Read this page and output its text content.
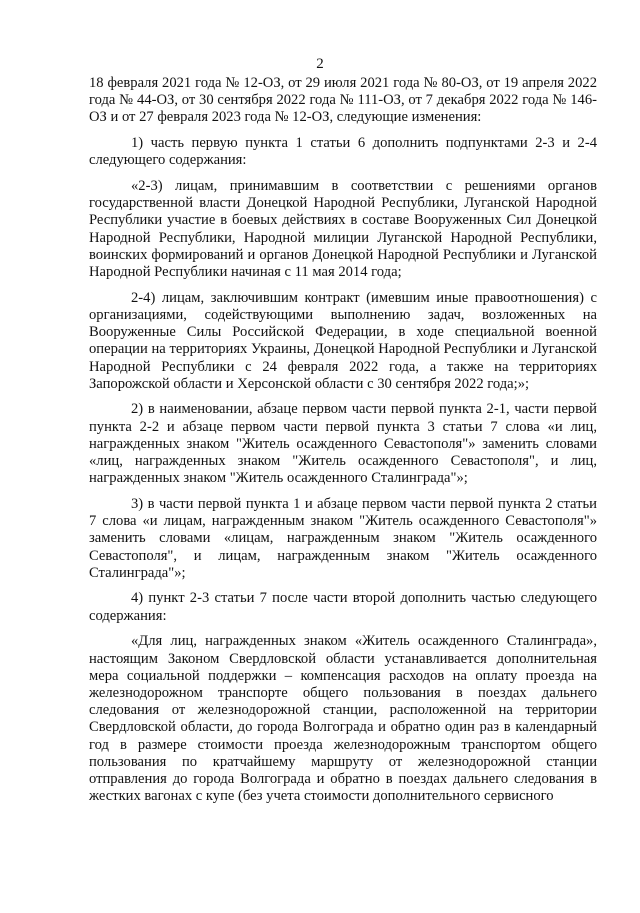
2

18 февраля 2021 года № 12-ОЗ, от 29 июля 2021 года № 80-ОЗ, от 19 апреля 2022 года № 44-ОЗ, от 30 сентября 2022 года № 111-ОЗ, от 7 декабря 2022 года № 146-ОЗ и от 27 февраля 2023 года № 12-ОЗ, следующие изменения:

1) часть первую пункта 1 статьи 6 дополнить подпунктами 2-3 и 2-4 следующего содержания:

«2-3) лицам, принимавшим в соответствии с решениями органов государственной власти Донецкой Народной Республики, Луганской Народной Республики участие в боевых действиях в составе Вооруженных Сил Донецкой Народной Республики, Народной милиции Луганской Народной Республики, воинских формирований и органов Донецкой Народной Республики и Луганской Народной Республики начиная с 11 мая 2014 года;

2-4) лицам, заключившим контракт (имевшим иные правоотношения) с организациями, содействующими выполнению задач, возложенных на Вооруженные Силы Российской Федерации, в ходе специальной военной операции на территориях Украины, Донецкой Народной Республики и Луганской Народной Республики с 24 февраля 2022 года, а также на территориях Запорожской области и Херсонской области с 30 сентября 2022 года;»;

2) в наименовании, абзаце первом части первой пункта 2-1, части первой пункта 2-2 и абзаце первом части первой пункта 3 статьи 7 слова «и лиц, награжденных знаком "Житель осажденного Севастополя"» заменить словами «лиц, награжденных знаком "Житель осажденного Севастополя", и лиц, награжденных знаком "Житель осажденного Сталинграда"»;

3) в части первой пункта 1 и абзаце первом части первой пункта 2 статьи 7 слова «и лицам, награжденным знаком "Житель осажденного Севастополя"» заменить словами «лицам, награжденным знаком "Житель осажденного Севастополя", и лицам, награжденным знаком "Житель осажденного Сталинграда"»;

4) пункт 2-3 статьи 7 после части второй дополнить частью следующего содержания:

«Для лиц, награжденных знаком «Житель осажденного Сталинграда», настоящим Законом Свердловской области устанавливается дополнительная мера социальной поддержки – компенсация расходов на оплату проезда на железнодорожном транспорте общего пользования в поездах дальнего следования от железнодорожной станции, расположенной на территории Свердловской области, до города Волгограда и обратно один раз в календарный год в размере стоимости проезда железнодорожным транспортом общего пользования по кратчайшему маршруту от железнодорожной станции отправления до города Волгограда и обратно в поездах дальнего следования в жестких вагонах с купе (без учета стоимости дополнительного сервисного
